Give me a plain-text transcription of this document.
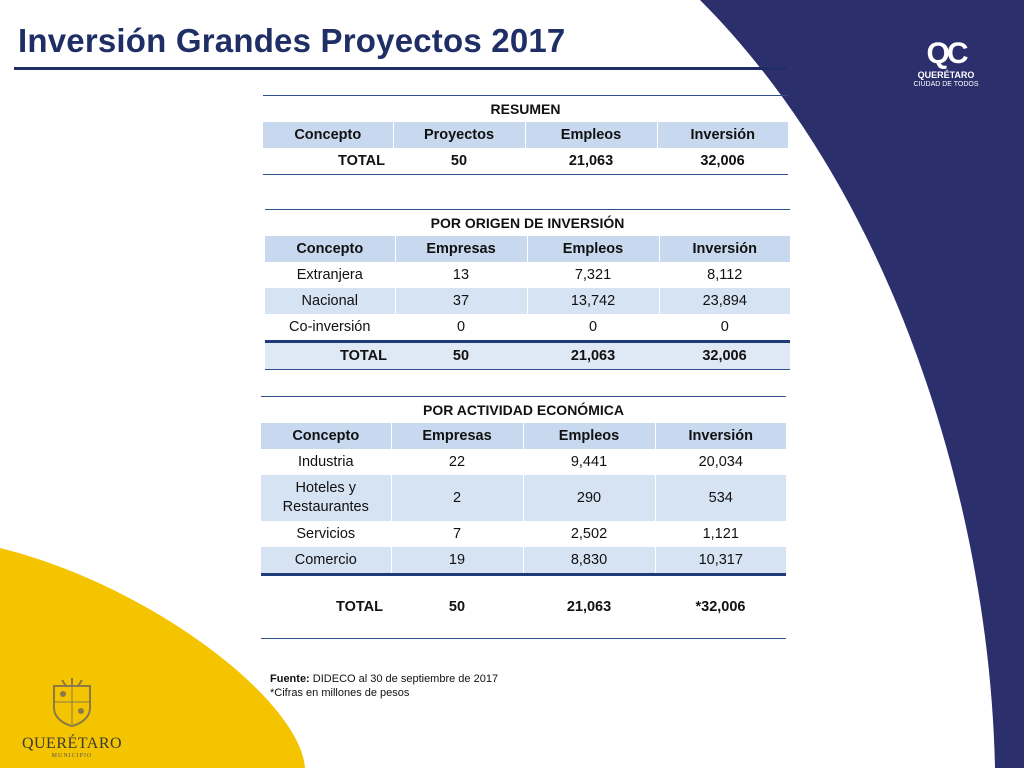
Inversión Grandes Proyectos 2017	QC
QUERÉTARO
CIUDAD DE TODOS
RESUMEN			
Concepto	Proyectos	Empleos	Inversión
TOTAL	50	21,063	32,006
POR ORIGEN DE INVERSIÓN			
Concepto	Empresas	Empleos	Inversión
Extranjera	13	7,321	8,112
Nacional	37	13,742	23,894
Co-inversión	0	0	0
TOTAL	50	21,063	32,006
POR ACTIVIDAD ECONÓMICA			
Concepto	Empresas	Empleos	Inversión
Industria	22	9,441	20,034
Hoteles y Restaurantes	2	290	534
Servicios	7	2,502	1,121
Comercio	19	8,830	10,317
TOTAL	50	21,063	*32,006
Fuente: DIDECO al 30 de septiembre de 2017
*Cifras en millones de pesos
QUERÉTARO
MUNICIPIO
